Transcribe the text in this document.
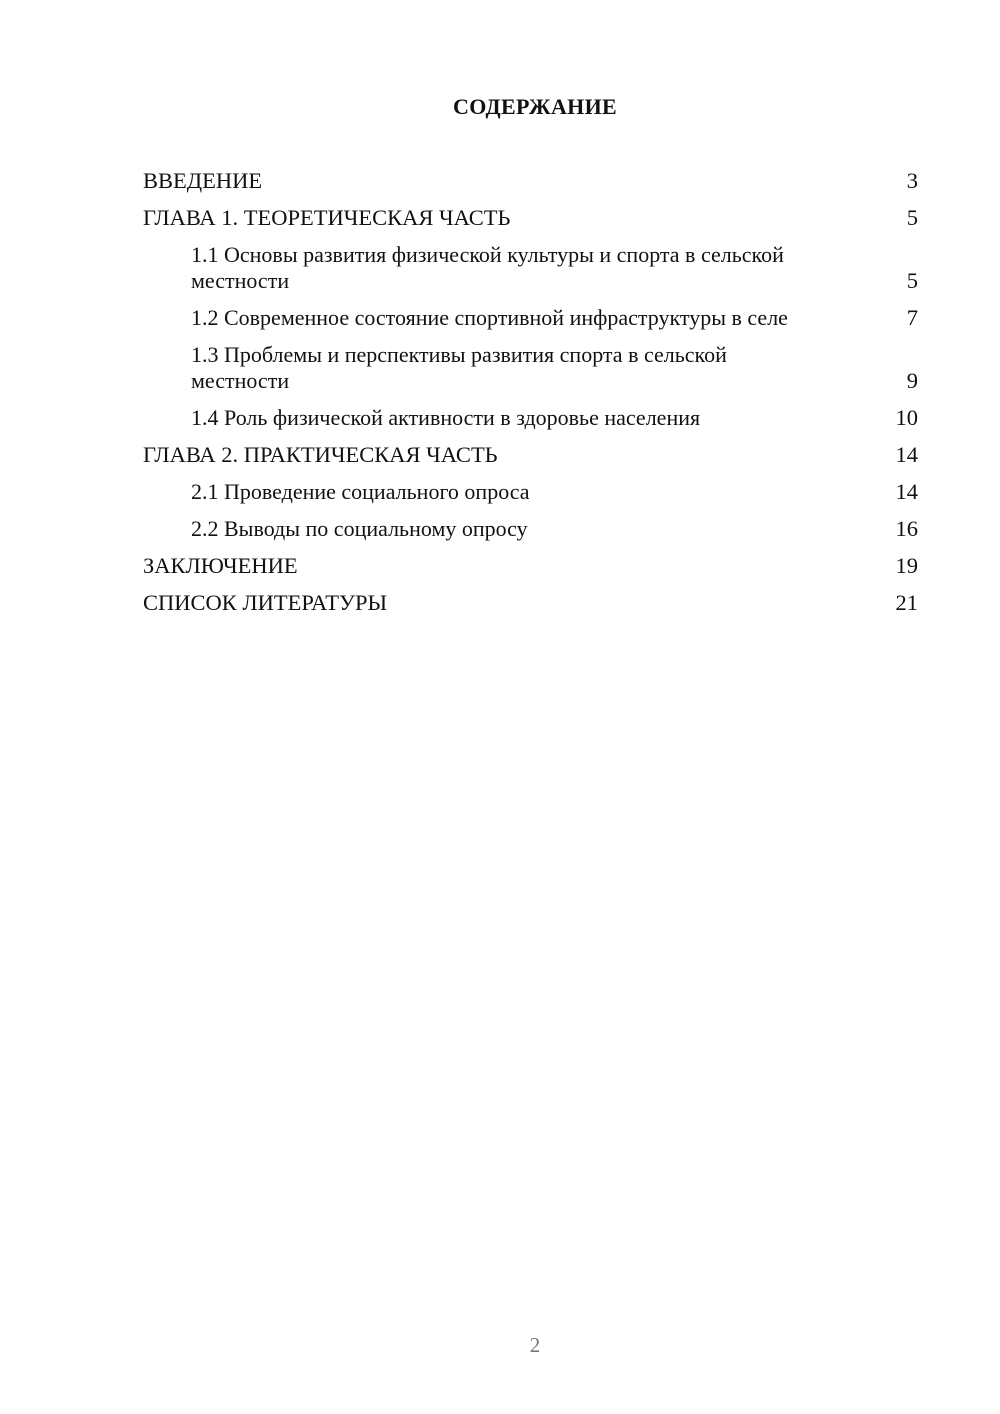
СОДЕРЖАНИЕ
ВВЕДЕНИЕ	3
ГЛАВА 1. ТЕОРЕТИЧЕСКАЯ ЧАСТЬ	5
1.1 Основы развития физической культуры и спорта в сельской местности	5
1.2 Современное состояние спортивной инфраструктуры в селе	7
1.3 Проблемы и перспективы развития спорта в сельской местности	9
1.4 Роль физической активности в здоровье населения	10
ГЛАВА 2. ПРАКТИЧЕСКАЯ ЧАСТЬ	14
2.1 Проведение социального опроса	14
2.2 Выводы по социальному опросу	16
ЗАКЛЮЧЕНИЕ	19
СПИСОК ЛИТЕРАТУРЫ	21
2
